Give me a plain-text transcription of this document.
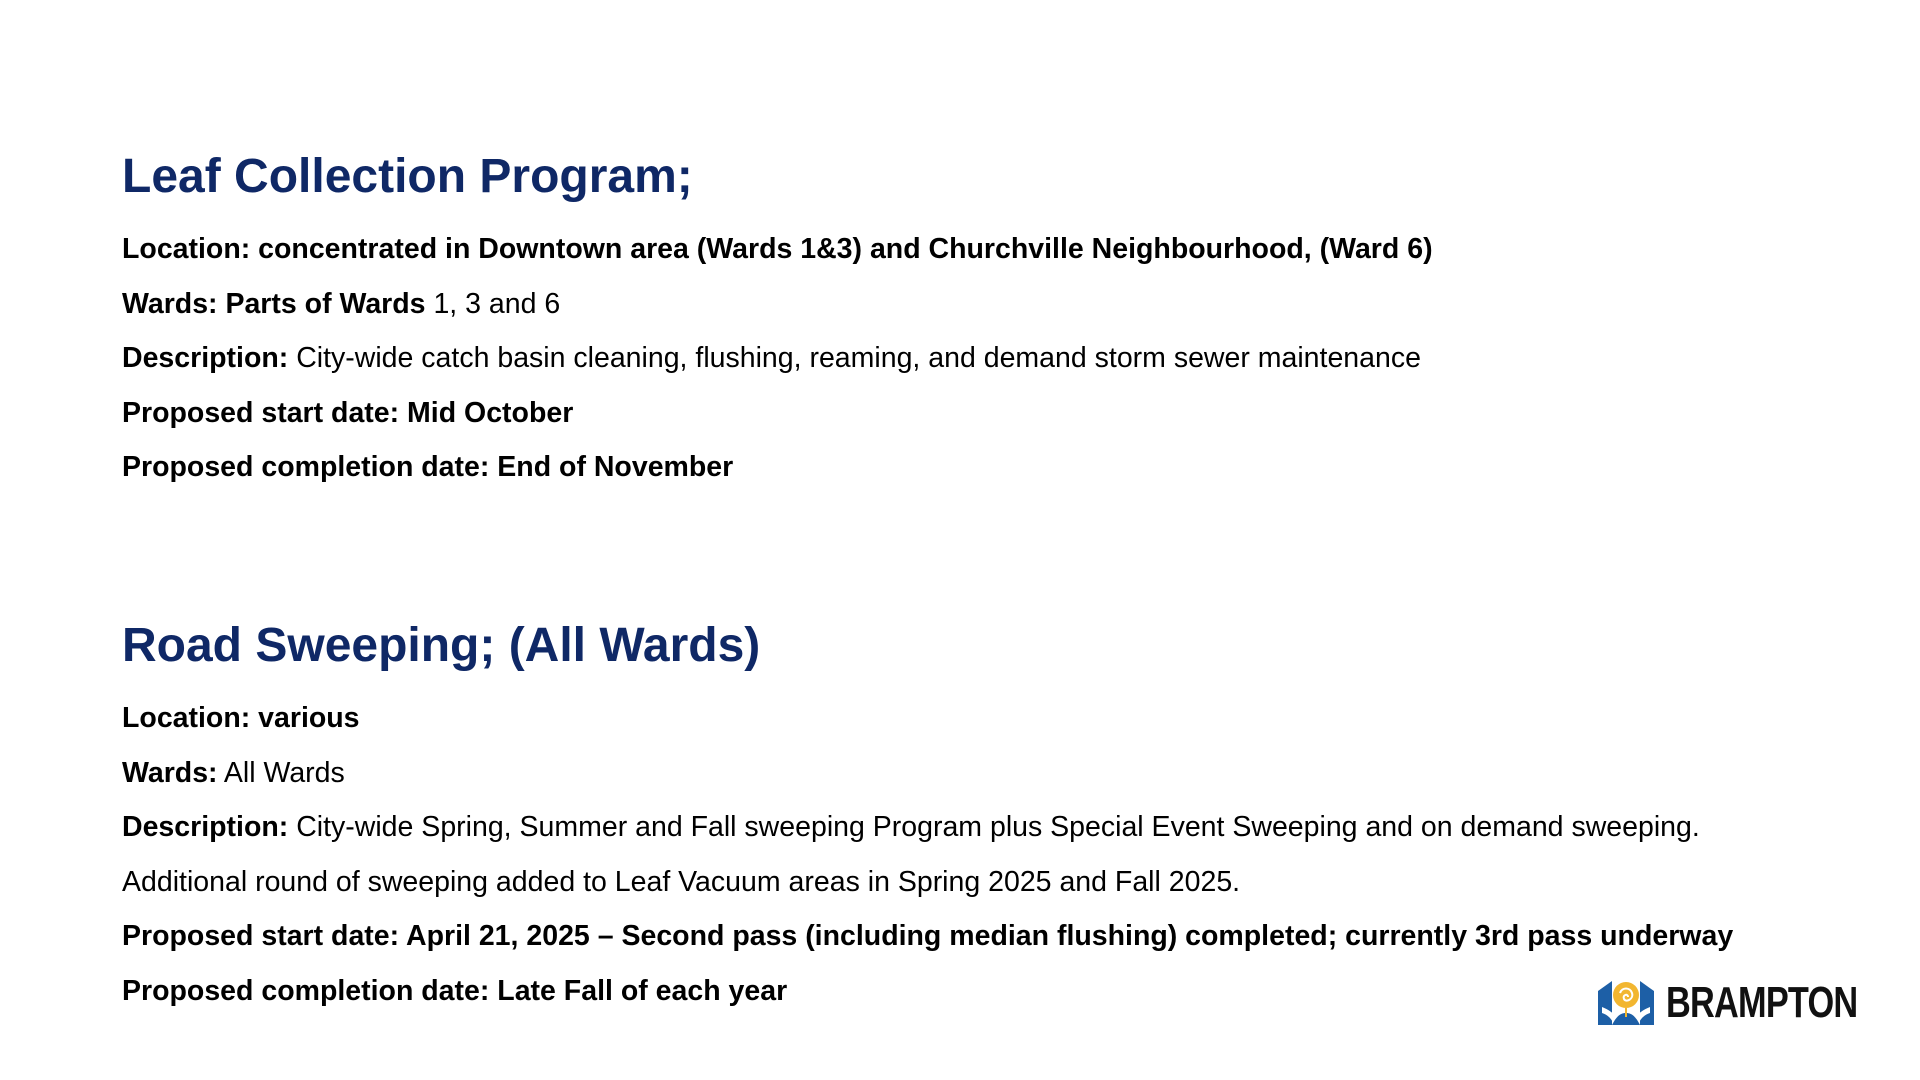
Leaf Collection Program;
Location: concentrated in Downtown area (Wards 1&3) and Churchville Neighbourhood, (Ward 6)
Wards: Parts of Wards 1, 3 and 6
Description: City-wide catch basin cleaning, flushing, reaming, and demand storm sewer maintenance
Proposed start date: Mid October
Proposed completion date: End of November
Road Sweeping; (All Wards)
Location: various
Wards: All Wards
Description: City-wide Spring, Summer and Fall sweeping Program plus Special Event Sweeping and on demand sweeping.
Additional round of sweeping added to Leaf Vacuum areas in Spring 2025 and Fall 2025.
Proposed start date: April 21, 2025 – Second pass (including median flushing) completed; currently 3rd pass underway
Proposed completion date: Late Fall of each year	BRAMPTON
